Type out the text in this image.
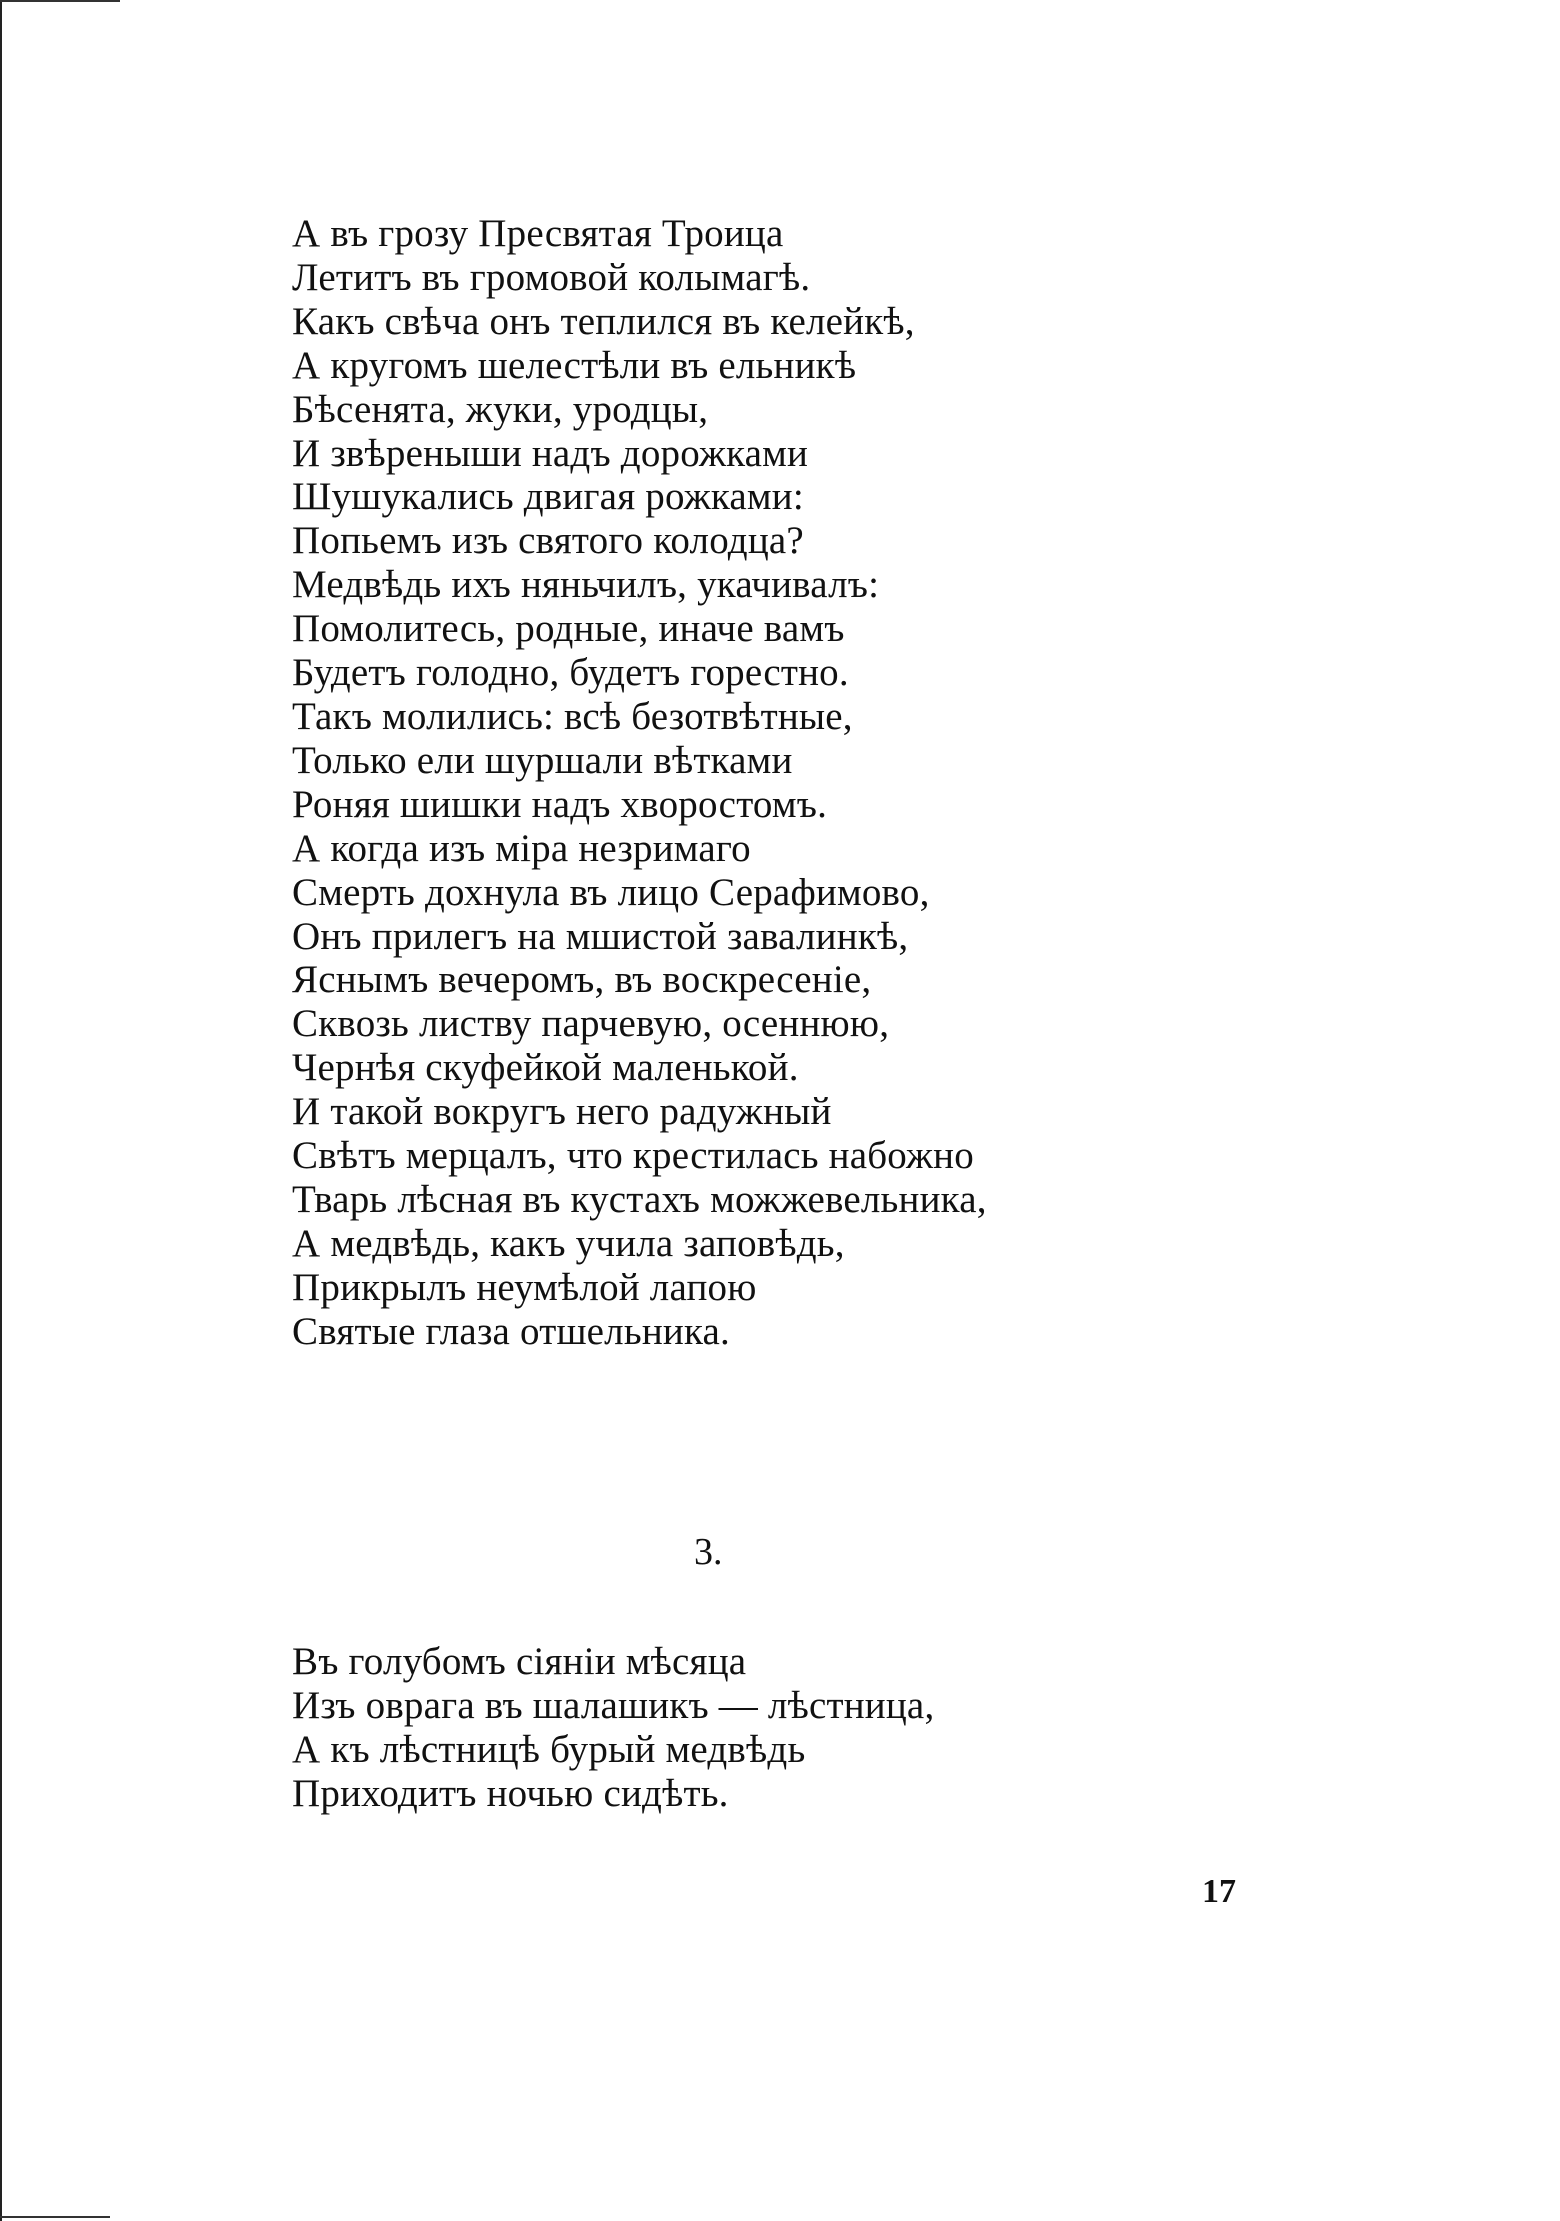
А въ грозу Пресвятая Троица
Летитъ въ громовой колымагѣ.
Какъ свѣча онъ теплился въ келейкѣ,
А кругомъ шелестѣли въ ельникѣ
Бѣсенята, жуки, уродцы,
И звѣреныши надъ дорожками
Шушукались двигая рожками:
Попьемъ изъ святого колодца?
Медвѣдь ихъ няньчилъ, укачивалъ:
Помолитесь, родные, иначе вамъ
Будетъ голодно, будетъ горестно.
Такъ молились: всѣ безотвѣтные,
Только ели шуршали вѣтками
Роняя шишки надъ хворостомъ.
А когда изъ міра незримаго
Смерть дохнула въ лицо Серафимово,
Онъ прилегъ на мшистой завалинкѣ,
Яснымъ вечеромъ, въ воскресеніе,
Сквозь листву парчевую, осеннюю,
Чернѣя скуфейкой маленькой.
И такой вокругъ него радужный
Свѣтъ мерцалъ, что крестилась набожно
Тварь лѣсная въ кустахъ можжевельника,
А медвѣдь, какъ учила заповѣдь,
Прикрылъ неумѣлой лапою
Святые глаза отшельника.
3.
Въ голубомъ сіяніи мѣсяца
Изъ оврага въ шалашикъ — лѣстница,
А къ лѣстницѣ бурый медвѣдь
Приходитъ ночью сидѣть.
17
